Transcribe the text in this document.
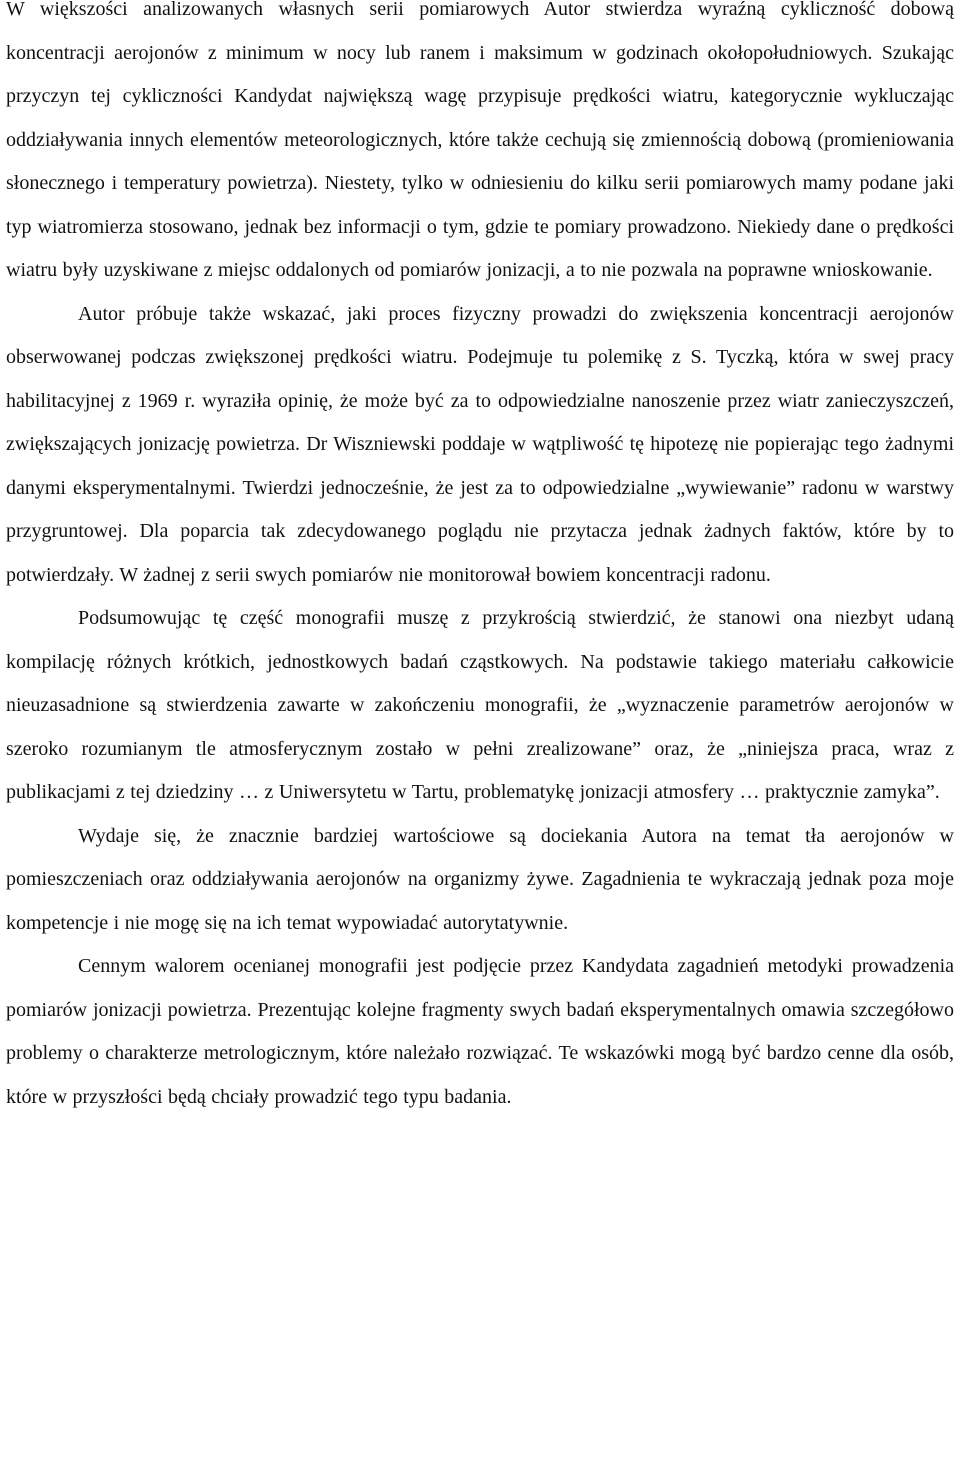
W większości analizowanych własnych serii pomiarowych Autor stwierdza wyraźną cykliczność dobową koncentracji aerojonów z minimum w nocy lub ranem i maksimum w godzinach okołopołudniowych. Szukając przyczyn tej cykliczności Kandydat największą wagę przypisuje prędkości wiatru, kategorycznie wykluczając oddziaływania innych elementów meteorologicznych, które także cechują się zmiennością dobową (promieniowania słonecznego i temperatury powietrza). Niestety, tylko w odniesieniu do kilku serii pomiarowych mamy podane jaki typ wiatromierza stosowano, jednak bez informacji o tym, gdzie te pomiary prowadzono. Niekiedy dane o prędkości wiatru były uzyskiwane z miejsc oddalonych od pomiarów jonizacji, a to nie pozwala na poprawne wnioskowanie.

Autor próbuje także wskazać, jaki proces fizyczny prowadzi do zwiększenia koncentracji aerojonów obserwowanej podczas zwiększonej prędkości wiatru. Podejmuje tu polemikę z S. Tyczką, która w swej pracy habilitacyjnej z 1969 r. wyraziła opinię, że może być za to odpowiedzialne nanoszenie przez wiatr zanieczyszczeń, zwiększających jonizację powietrza. Dr Wiszniewski poddaje w wątpliwość tę hipotezę nie popierając tego żadnymi danymi eksperymentalnymi. Twierdzi jednocześnie, że jest za to odpowiedzialne „wywiewanie” radonu w warstwy przygruntowej. Dla poparcia tak zdecydowanego poglądu nie przytacza jednak żadnych faktów, które by to potwierdzały. W żadnej z serii swych pomiarów nie monitorował bowiem koncentracji radonu.

Podsumowując tę część monografii muszę z przykrością stwierdzić, że stanowi ona niezbyt udaną kompilację różnych krótkich, jednostkowych badań cząstkowych. Na podstawie takiego materiału całkowicie nieuzasadnione są stwierdzenia zawarte w zakończeniu monografii, że „wyznaczenie parametrów aerojonów w szeroko rozumianym tle atmosferycznym zostało w pełni zrealizowane” oraz, że „niniejsza praca, wraz z publikacjami z tej dziedziny … z Uniwersytetu w Tartu, problematykę jonizacji atmosfery … praktycznie zamyka”.

Wydaje się, że znacznie bardziej wartościowe są dociekania Autora na temat tła aerojonów w pomieszczeniach oraz oddziaływania aerojonów na organizmy żywe. Zagadnienia te wykraczają jednak poza moje kompetencje i nie mogę się na ich temat wypowiadać autorytatywnie.

Cennym walorem ocenianej monografii jest podjęcie przez Kandydata zagadnień metodyki prowadzenia pomiarów jonizacji powietrza. Prezentując kolejne fragmenty swych badań eksperymentalnych omawia szczegółowo problemy o charakterze metrologicznym, które należało rozwiązać. Te wskazówki mogą być bardzo cenne dla osób, które w przyszłości będą chciały prowadzić tego typu badania.
